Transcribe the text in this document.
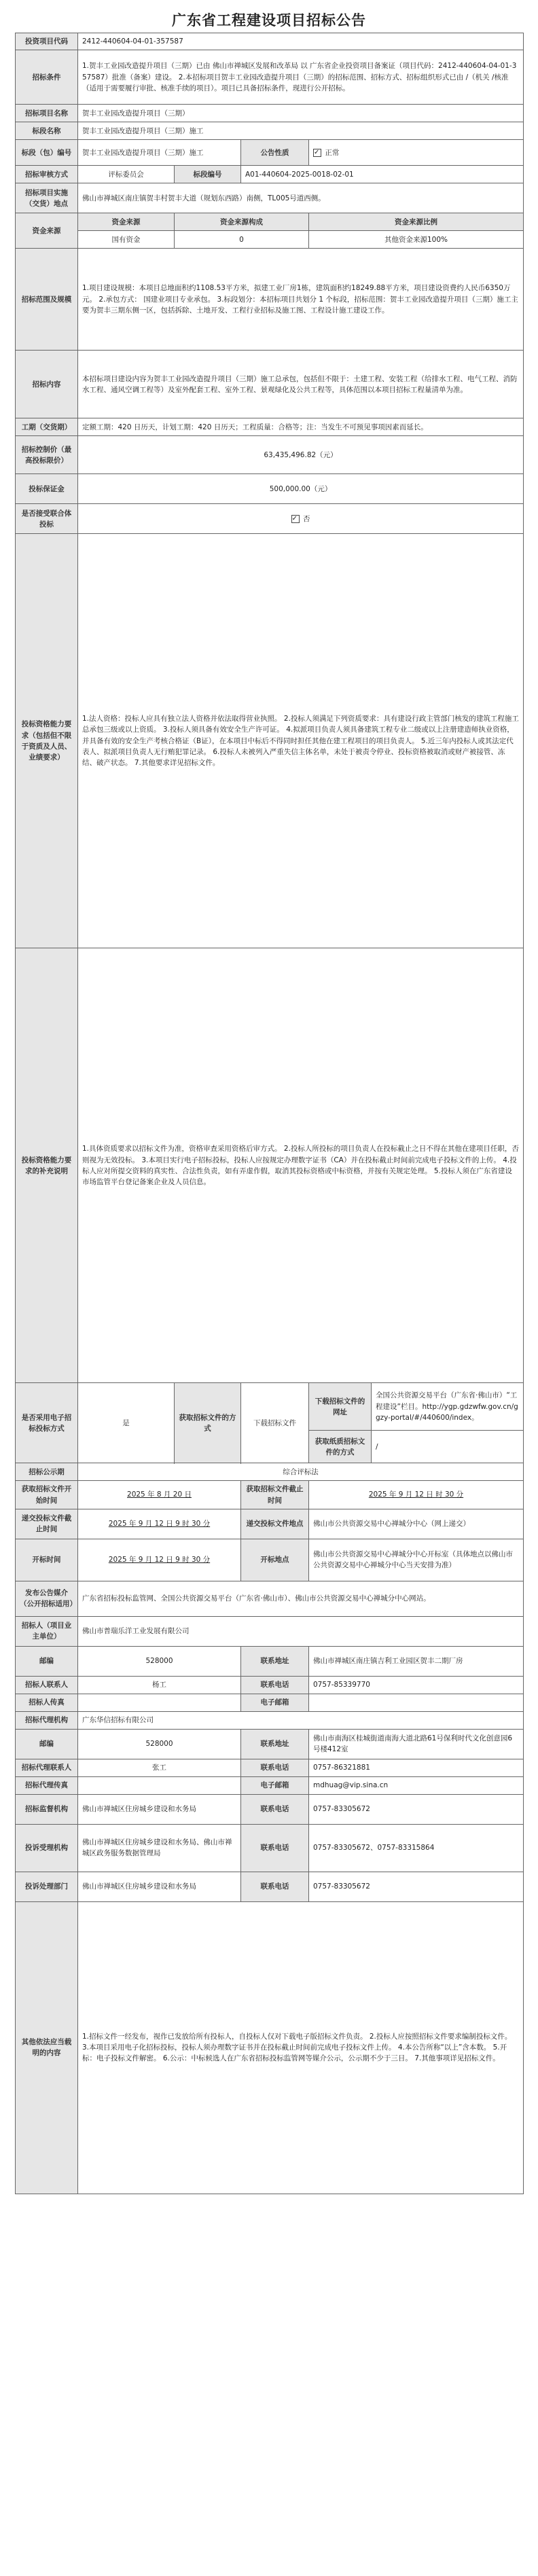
广东省工程建设项目招标公告
投资项目代码	2412-440604-04-01-357587				
招标条件	1.贺丰工业园改造提升项目（三期）已由 佛山市禅城区发展和改革局 以 广东省企业投资项目备案证（项目代码：2412-440604-04-01-357587）批准（备案）建设。 2.本招标项目贺丰工业园改造提升项目（三期）的招标范围、招标方式、招标组织形式已由 /（机关 /核准（适用于需要履行审批、核准手续的项目）。项目已具备招标条件，现进行公开招标。				
招标项目名称	贺丰工业园改造提升项目（三期）				
标段名称	贺丰工业园改造提升项目（三期）施工				
标段（包）编号	贺丰工业园改造提升项目（三期）施工		公告性质	✓正常
招标审核方式	评标委员会	标段编号	A01-440604-2025-0018-02-01		
招标项目实施（交货）地点	佛山市禅城区南庄镇贺丰村贺丰大道（规划东西路）南侧，TL005号道西侧。				
资金来源	资金来源	资金来源构成		资金来源比例	
	国有资金	0		其他资金来源100%	
招标范围及规模	1.项目建设规模：本项目总地面积约1108.53平方米，拟建工业厂房1栋，建筑面积约18249.88平方米，项目建设资费约人民币6350万元。 2.承包方式： 国建业项目专业承包。 3.标段划分：本招标项目共划分 1 个标段，招标范围：贺丰工业园改造提升项目（三期）施工主要为贺丰三期东侧一区，包括拆除、土地开发、工程行业招标及施工图、工程设计施工建设工作。				
招标内容	本招标项目建设内容为贺丰工业园改造提升项目（三期）施工总承包，包括但不限于：土建工程、安装工程（给排水工程、电气工程、消防水工程、通风空调工程等）及室外配套工程、室外工程、景观绿化及公共工程等，具体范围以本项目招标工程量清单为准。				
工期（交货期）	定额工期：420 日历天，计划工期：420 日历天；工程质量：合格等；注：当发生不可预见事项因素而延长。				
招标控制价（最高投标限价）	63,435,496.82（元）				
投标保证金	500,000.00（元）				
是否接受联合体投标	✓ 否
投标资格能力要求（包括但不限于资质及人员、业绩要求）	1.法人资格：投标人应具有独立法人资格并依法取得营业执照。 2.投标人须满足下列资质要求：具有建设行政主管部门核发的建筑工程施工总承包三级或以上资质。 3.投标人须具备有效安全生产许可证。 4.拟派项目负责人须具备建筑工程专业二级或以上注册建造师执业资格，并具备有效的安全生产考核合格证（B证），在本项目中标后不得同时担任其他在建工程项目的项目负责人。 5.近三年内投标人或其法定代表人、拟派项目负责人无行贿犯罪记录。 6.投标人未被列入严重失信主体名单，未处于被责令停业、投标资格被取消或财产被接管、冻结、破产状态。 7.其他要求详见招标文件。				
投标资格能力要求的补充说明	1.具体资质要求以招标文件为准，资格审查采用资格后审方式。 2.投标人所投标的项目负责人在投标截止之日不得在其他在建项目任职，否则视为无效投标。 3.本项目实行电子招标投标，投标人应按规定办理数字证书（CA）并在投标截止时间前完成电子投标文件的上传。 4.投标人应对所提交资料的真实性、合法性负责，如有弄虚作假，取消其投标资格或中标资格，并按有关规定处理。 5.投标人须在广东省建设市场监管平台登记备案企业及人员信息。				
是否采用电子招标投标方式	是	获取招标文件的方式	下载招标文件	下载招标文件的网址	全国公共资源交易平台（广东省·佛山市）“工程建设”栏目。http://ygp.gdzwfw.gov.cn/ggzy-portal/#/440600/index。
				获取纸质招标文件的方式	/

招标公示期	综合评标法				
获取招标文件开始时间	2025 年 8 月 20 日		获取招标文件截止时间	2025 年 9 月 12 日 时 30 分	
递交投标文件截止时间	2025 年 9 月 12 日 9 时 30 分		递交投标文件地点	佛山市公共资源交易中心禅城分中心（网上递交）	
开标时间	2025 年 9 月 12 日 9 时 30 分		开标地点	佛山市公共资源交易中心禅城分中心开标室（具体地点以佛山市公共资源交易中心禅城分中心当天安排为准）	
发布公告媒介（公开招标适用）	广东省招标投标监管网、全国公共资源交易平台（广东省·佛山市）、佛山市公共资源交易中心禅城分中心网站。				
招标人（项目业主单位）	佛山市普瑞乐洋工业发展有限公司				
邮编	528000		联系地址	佛山市禅城区南庄镇吉利工业园区贺丰二期厂房	
招标人联系人	杨工		联系电话	0757-85339770	
招标人传真			电子邮箱		
招标代理机构	广东华信招标有限公司				
邮编	528000		联系地址	佛山市南海区桂城街道南海大道北路61号保利时代文化创意园6号楼412室	
招标代理联系人	张工		联系电话	0757-86321881	
招标代理传真			电子邮箱	mdhuag@vip.sina.cn	
招标监督机构	佛山市禅城区住房城乡建设和水务局		联系电话	0757-83305672	
投诉受理机构	佛山市禅城区住房城乡建设和水务局、佛山市禅城区政务服务数据管理局		联系电话	0757-83305672、0757-83315864	
投诉处理部门	佛山市禅城区住房城乡建设和水务局		联系电话	0757-83305672	
其他依法应当载明的内容	1.招标文件一经发布，视作已发放给所有投标人，自投标人仅对下载电子版招标文件负责。 2.投标人应按照招标文件要求编制投标文件。 3.本项目采用电子化招标投标，投标人须办理数字证书并在投标截止时间前完成电子投标文件上传。 4.本公告所称“以上”含本数。 5.开标：电子投标文件解密。 6.公示：中标候选人在广东省招标投标监管网等媒介公示，公示期不少于三日。 7.其他事项详见招标文件。				
